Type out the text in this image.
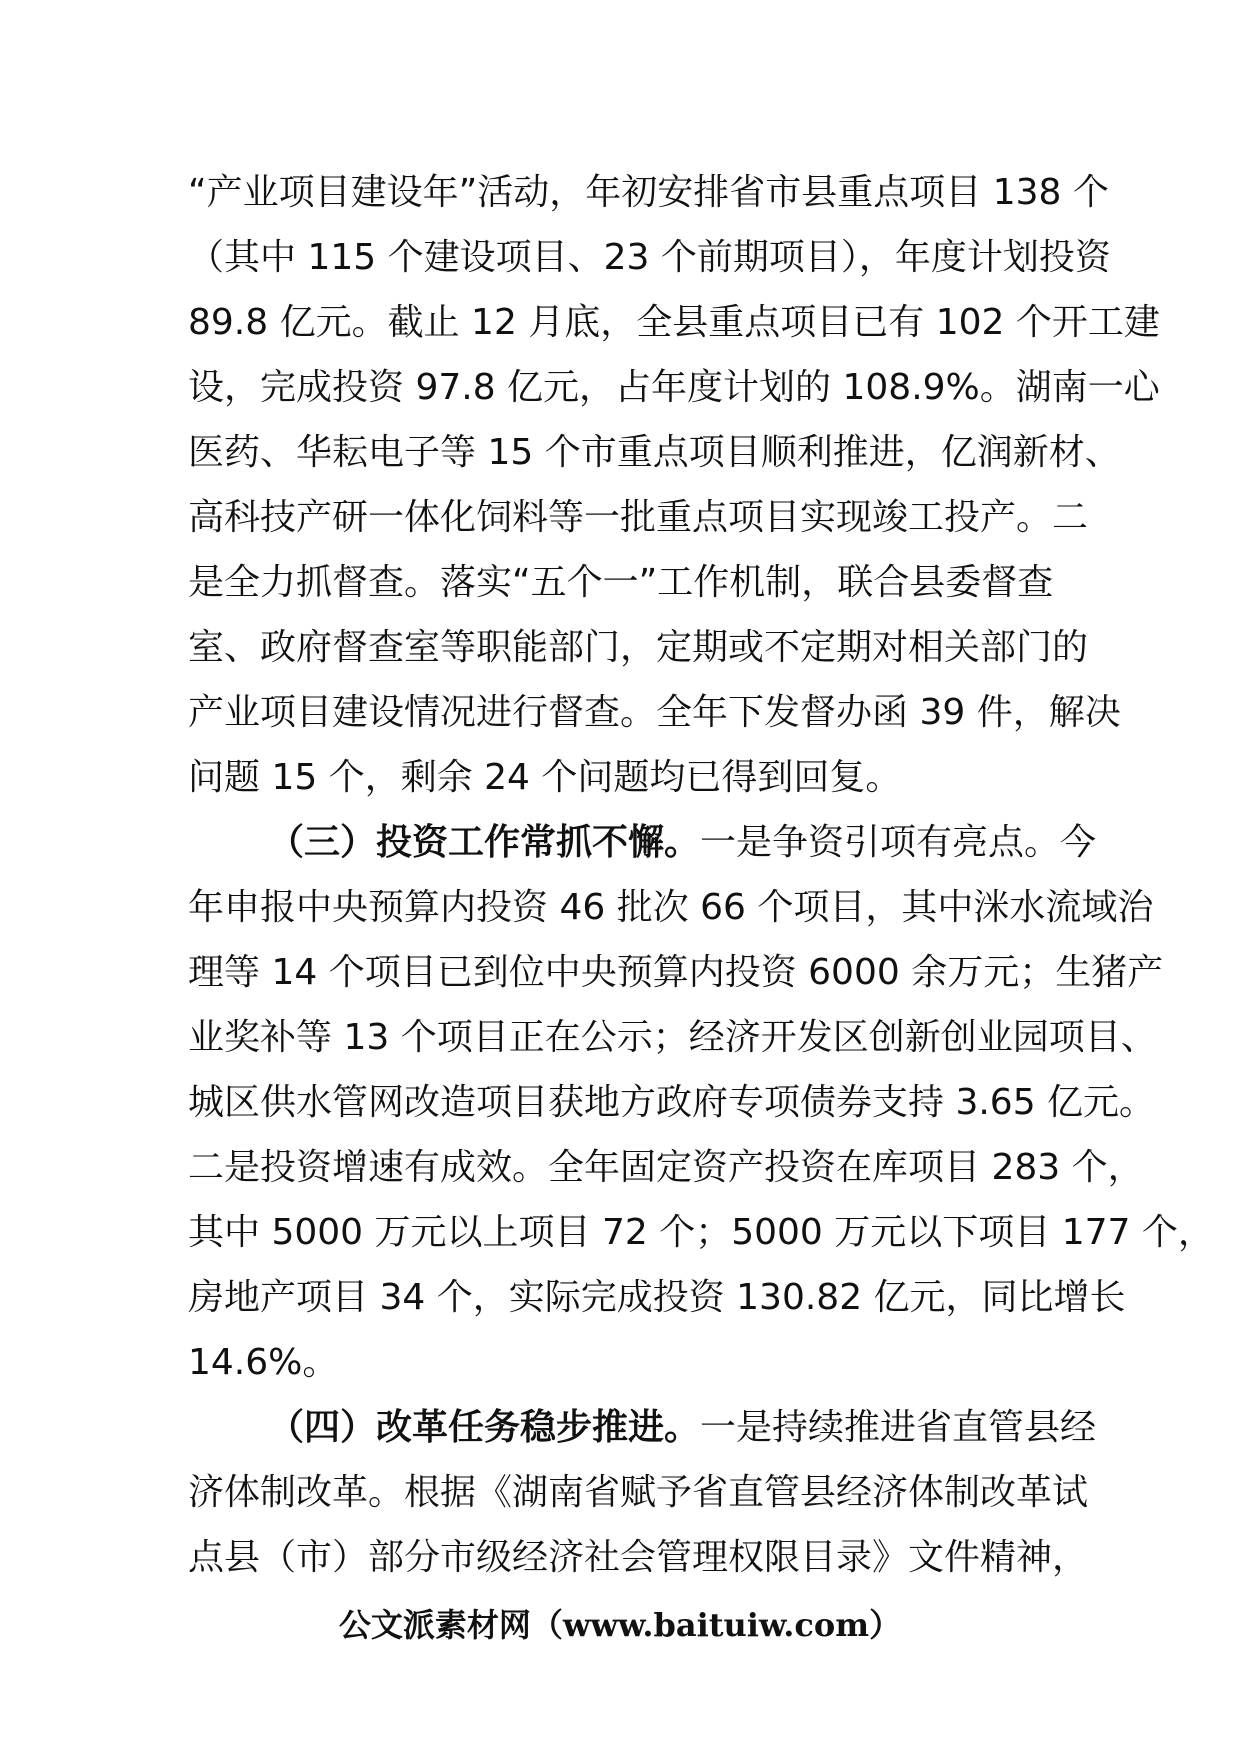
“产业项目建设年”活动，年初安排省市县重点项目 138 个
（其中 115 个建设项目、23 个前期项目），年度计划投资
89.8 亿元。截止 12 月底，全县重点项目已有 102 个开工建
设，完成投资 97.8 亿元，占年度计划的 108.9%。湖南一心
医药、华耘电子等 15 个市重点项目顺利推进，亿润新材、
高科技产研一体化饲料等一批重点项目实现竣工投产。二
是全力抓督查。落实“五个一”工作机制，联合县委督查
室、政府督查室等职能部门，定期或不定期对相关部门的
产业项目建设情况进行督查。全年下发督办函 39 件，解决
问题 15 个，剩余 24 个问题均已得到回复。
（三）投资工作常抓不懈。一是争资引项有亮点。今
年申报中央预算内投资 46 批次 66 个项目，其中洣水流域治
理等 14 个项目已到位中央预算内投资 6000 余万元；生猪产
业奖补等 13 个项目正在公示；经济开发区创新创业园项目、
城区供水管网改造项目获地方政府专项债券支持 3.65 亿元。
二是投资增速有成效。全年固定资产投资在库项目 283 个，
其中 5000 万元以上项目 72 个；5000 万元以下项目 177 个，
房地产项目 34 个，实际完成投资 130.82 亿元，同比增长
14.6%。
（四）改革任务稳步推进。一是持续推进省直管县经
济体制改革。根据《湖南省赋予省直管县经济体制改革试
点县（市）部分市级经济社会管理权限目录》文件精神，
公文派素材网（www.baituiw.com）
